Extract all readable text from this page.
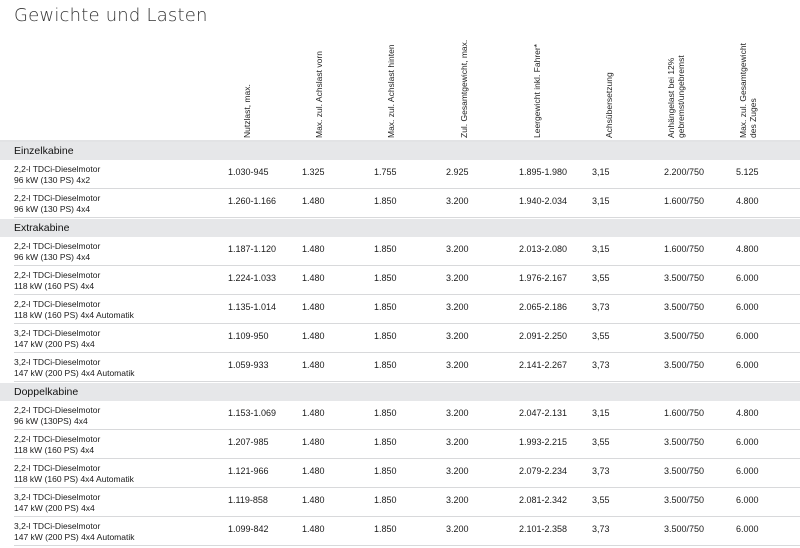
Gewichte und Lasten
Nutzlast, max.	Max. zul. Achslast vorn	Max. zul. Achslast hinten	Zul. Gesamtgewicht, max.	Leergewicht inkl. Fahrer*	Achsübersetzung	Anhängelast bei 12% gebremst/ungebremst	Max. zul. Gesamtgewicht des Zuges
Einzelkabine
2,2-l TDCi-Dieselmotor
96 kW (130 PS) 4x2
1.030-945	1.325	1.755	2.925	1.895-1.980	3,15	2.200/750	5.125
2,2-l TDCi-Dieselmotor
96 kW (130 PS) 4x4
1.260-1.166	1.480	1.850	3.200	1.940-2.034	3,15	1.600/750	4.800
Extrakabine
2,2-l TDCi-Dieselmotor
96 kW (130 PS) 4x4
1.187-1.120	1.480	1.850	3.200	2.013-2.080	3,15	1.600/750	4.800
2,2-l TDCi-Dieselmotor
118 kW (160 PS) 4x4
1.224-1.033	1.480	1.850	3.200	1.976-2.167	3,55	3.500/750	6.000
2,2-l TDCi-Dieselmotor
118 kW (160 PS) 4x4 Automatik
1.135-1.014	1.480	1.850	3.200	2.065-2.186	3,73	3.500/750	6.000
3,2-l TDCi-Dieselmotor
147 kW (200 PS) 4x4
1.109-950	1.480	1.850	3.200	2.091-2.250	3,55	3.500/750	6.000
3,2-l TDCi-Dieselmotor
147 kW (200 PS) 4x4 Automatik
1.059-933	1.480	1.850	3.200	2.141-2.267	3,73	3.500/750	6.000
Doppelkabine
2,2-l TDCi-Dieselmotor
96 kW (130PS) 4x4
1.153-1.069	1.480	1.850	3.200	2.047-2.131	3,15	1.600/750	4.800
2,2-l TDCi-Dieselmotor
118 kW (160 PS) 4x4
1.207-985	1.480	1.850	3.200	1.993-2.215	3,55	3.500/750	6.000
2,2-l TDCi-Dieselmotor
118 kW (160 PS) 4x4 Automatik
1.121-966	1.480	1.850	3.200	2.079-2.234	3,73	3.500/750	6.000
3,2-l TDCi-Dieselmotor
147 kW (200 PS) 4x4
1.119-858	1.480	1.850	3.200	2.081-2.342	3,55	3.500/750	6.000
3,2-l TDCi-Dieselmotor
147 kW (200 PS) 4x4 Automatik
1.099-842	1.480	1.850	3.200	2.101-2.358	3,73	3.500/750	6.000
